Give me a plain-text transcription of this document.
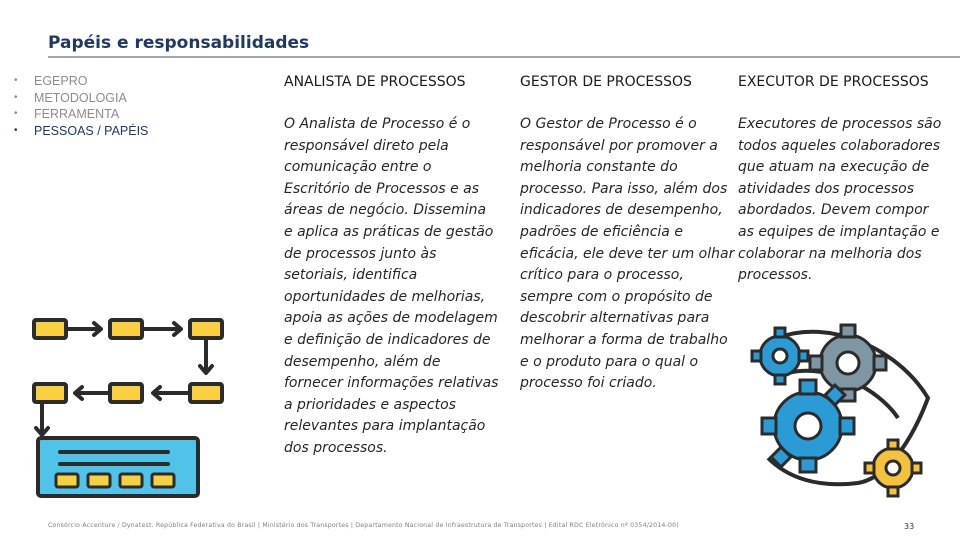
Papéis e responsabilidades
• EGEPRO
• METODOLOGIA
• FERRAMENTA
• PESSOAS / PAPÉIS
ANALISTA DE PROCESSOS

O Analista de Processo é o responsável direto pela comunicação entre o Escritório de Processos e as áreas de negócio. Dissemina e aplica as práticas de gestão de processos junto às setoriais, identifica oportunidades de melhorias, apoia as ações de modelagem e definição de indicadores de desempenho, além de fornecer informações relativas a prioridades e aspectos relevantes para implantação dos processos.

GESTOR DE PROCESSOS

O Gestor de Processo é o responsável por promover a melhoria constante do processo. Para isso, além dos indicadores de desempenho, padrões de eficiência e eficácia, ele deve ter um olhar crítico para o processo, sempre com o propósito de descobrir alternativas para melhorar a forma de trabalho e o produto para o qual o processo foi criado.

EXECUTOR DE PROCESSOS

Executores de processos são todos aqueles colaboradores que atuam na execução de atividades dos processos abordados. Devem compor as equipes de implantação e colaborar na melhoria dos processos.

Consórcio Accenture / Dynatest. República Federativa do Brasil | Ministério dos Transportes | Departamento Nacional de Infraestrutura de Transportes | Edital RDC Eletrônico nº 0354/2014-00)	33
